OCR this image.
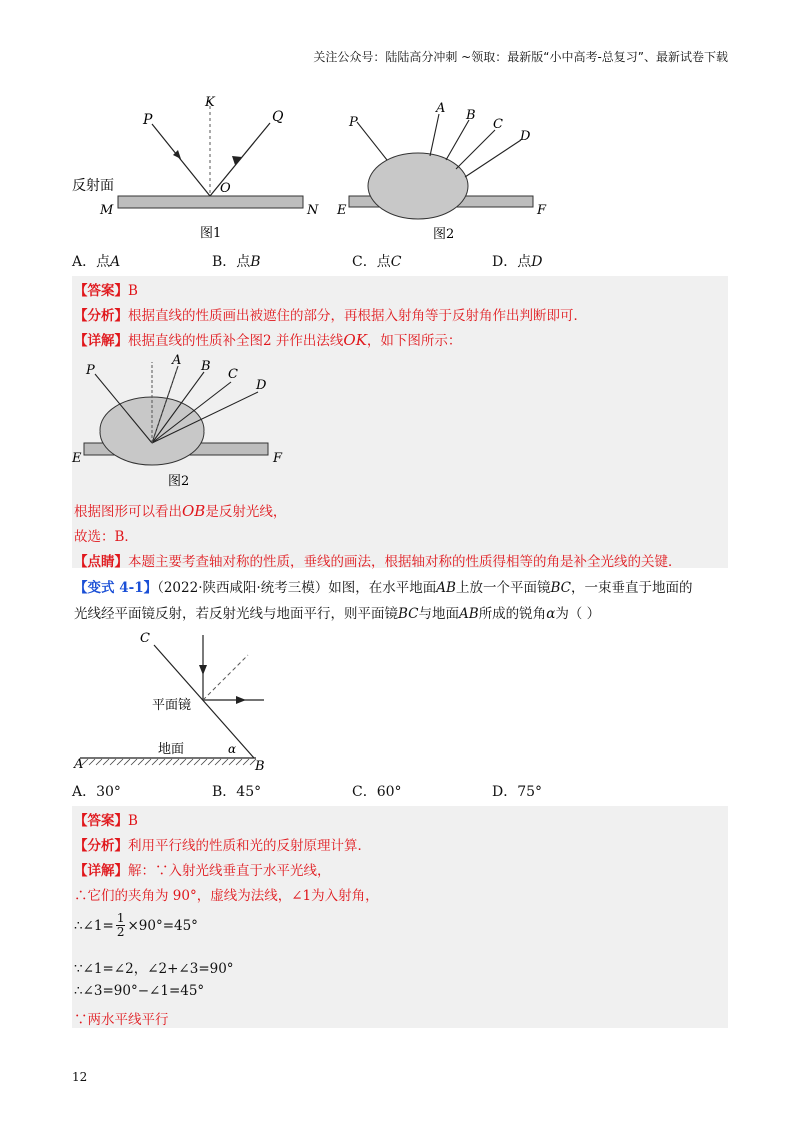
关注公众号：陆陆高分冲刺 ~领取：最新版“小中高考-总复习”、最新试卷下载
P
K
Q
O
M	N
反射面
图1
P
A B
C
D
E	F
图2
A．点A	B．点B	C．点C	D．点D
【答案】B
【分析】根据直线的性质画出被遮住的部分，再根据入射角等于反射角作出判断即可．
【详解】根据直线的性质补全图2 并作出法线OK，如下图所示：
P
A B
C
D
E	F
图2
根据图形可以看出OB是反射光线，
故选：B．
【点睛】本题主要考查轴对称的性质，垂线的画法，根据轴对称的性质得相等的角是补全光线的关键．
【变式 4-1】（2022·陕西咸阳·统考三模）如图，在水平地面AB上放一个平面镜BC，一束垂直于地面的
光线经平面镜反射，若反射光线与地面平行，则平面镜BC与地面AB所成的锐角α为（ ）
C
A	B
α
平面镜
地面
A．30°	B．45°	C．60°	D．75°
【答案】B
【分析】利用平行线的性质和光的反射原理计算．
【详解】解：∵入射光线垂直于水平光线，
∴它们的夹角为 90°，虚线为法线，∠1为入射角，
∴∠1= $\frac{1}{2} \times 90^\circ=45^\circ$
∵∠1=∠2，∠2+∠3=90°
∴∠3=90°−∠1=45°
∵两水平线平行
12
